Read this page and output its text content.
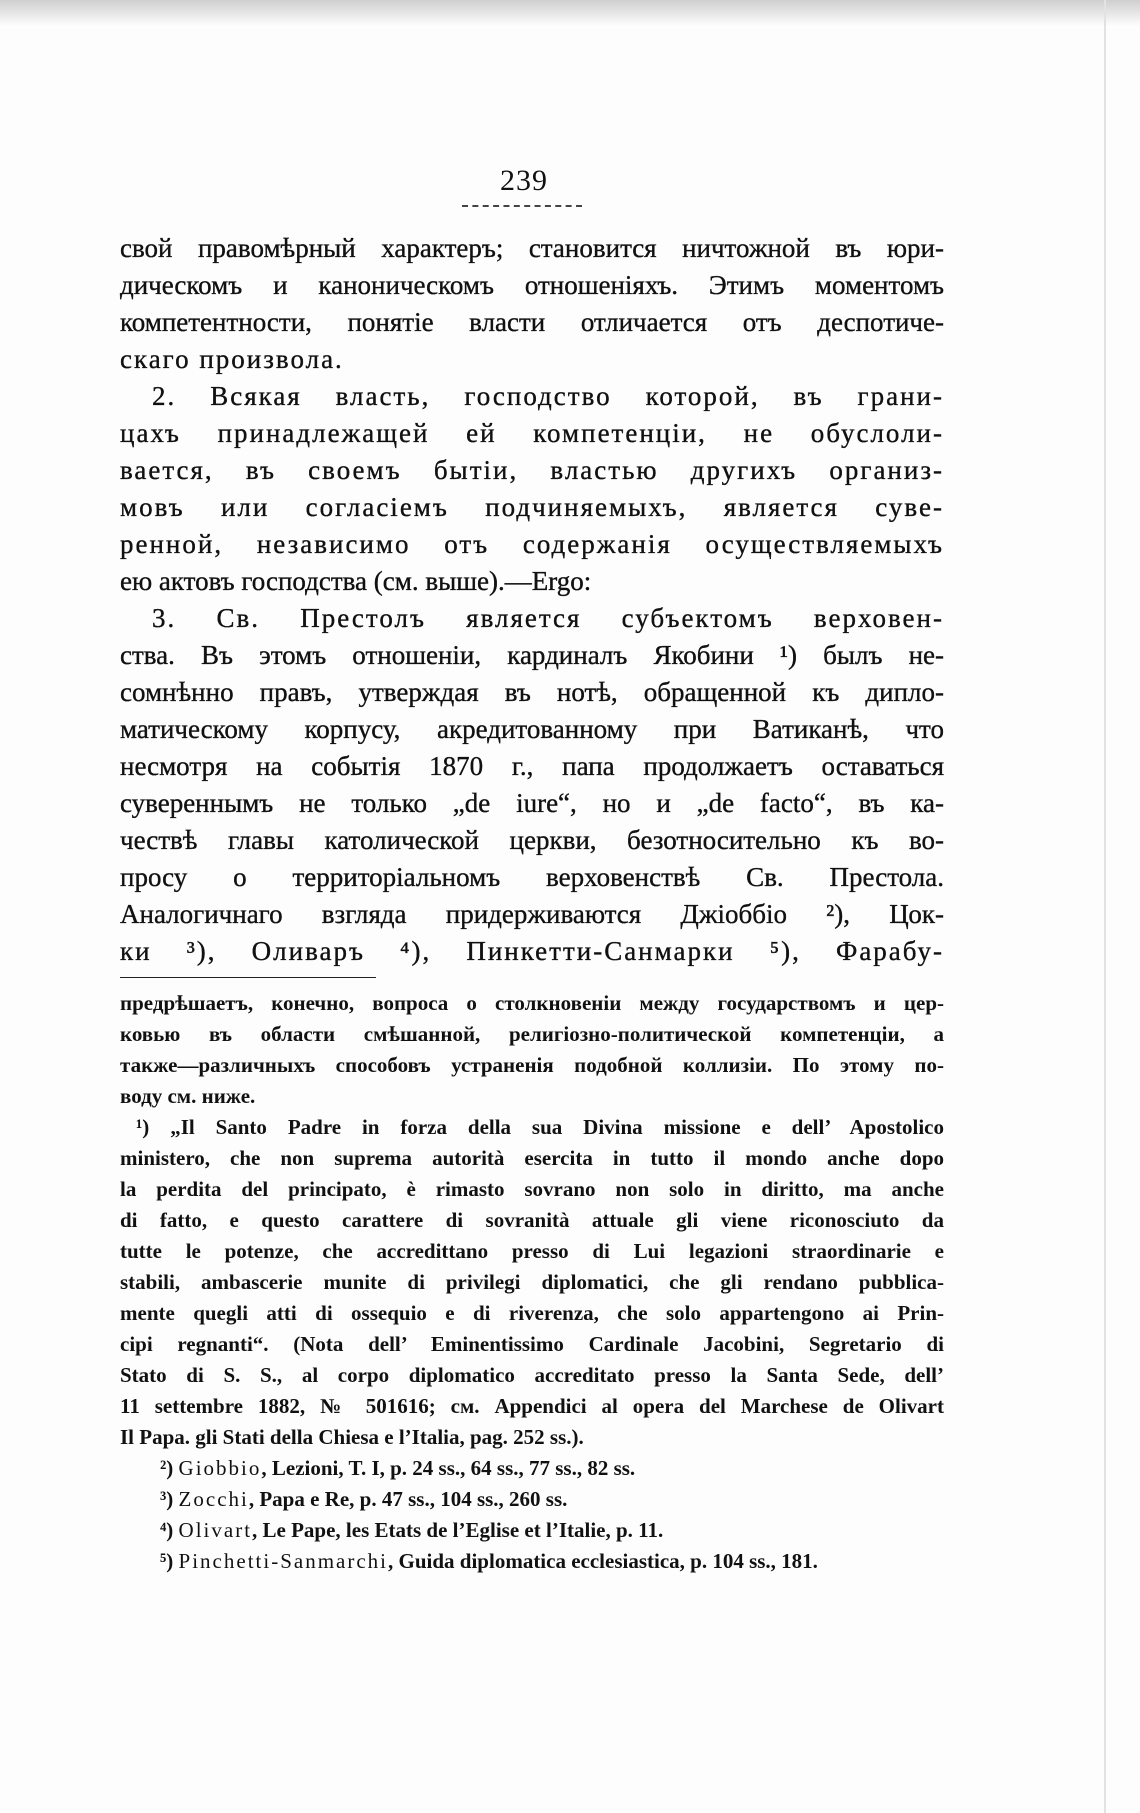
239
свой правомѣрный характеръ; становится ничтожной въ юри-
дическомъ и каноническомъ отношеніяхъ. Этимъ моментомъ
компетентности, понятіе власти отличается отъ деспотиче-
скаго произвола.
2. Всякая власть, господство которой, въ грани-
цахъ принадлежащей ей компетенціи, не обуслоли-
вается, въ своемъ бытіи, властью другихъ организ-
мовъ или согласіемъ подчиняемыхъ, является суве-
ренной, независимо отъ содержанія осуществляемыхъ
ею актовъ господства (см. выше).—Ergo:
3. Св. Престолъ является субъектомъ верховен-
ства. Въ этомъ отношеніи, кардиналъ Якобини ¹) былъ не-
сомнѣнно правъ, утверждая въ нотѣ, обращенной къ дипло-
матическому корпусу, акредитованному при Ватиканѣ, что
несмотря на событія 1870 г., папа продолжаетъ оставаться
сувереннымъ не только „de iure“, но и „de facto“, въ ка-
чествѣ главы католической церкви, безотносительно къ во-
просу о территоріальномъ верховенствѣ Св. Престола.
Аналогичнаго взгляда придерживаются Джіоббіо ²), Цок-
ки ³), Оливаръ ⁴), Пинкетти-Санмарки ⁵), Фарабу-
предрѣшаетъ, конечно, вопроса о столкновеніи между государствомъ и цер-
ковью въ области смѣшанной, религіозно-политической компетенціи, а
также—различныхъ способовъ устраненія подобной коллизіи. По этому по-
воду см. ниже.
¹) „Il Santo Padre in forza della sua Divina missione e dell’ Apostolico
ministero, che non suprema autorità esercita in tutto il mondo anche dopo
la perdita del principato, è rimasto sovrano non solo in diritto, ma anche
di fatto, e questo carattere di sovranità attuale gli viene riconosciuto da
tutte le potenze, che accredittano presso di Lui legazioni straordinarie e
stabili, ambascerie munite di privilegi diplomatici, che gli rendano pubblica-
mente quegli atti di ossequio e di riverenza, che solo appartengono ai Prin-
cipi regnanti“. (Nota dell’ Eminentissimo Cardinale Jacobini, Segretario di
Stato di S. S., al corpo diplomatico accreditato presso la Santa Sede, dell’
11 settembre 1882, № 501616; см. Appendici al opera del Marchese de Olivart
Il Papa. gli Stati della Chiesa e l’Italia, pag. 252 ss.).
²) Giobbio, Lezioni, T. I, p. 24 ss., 64 ss., 77 ss., 82 ss.
³) Zocchi, Papa e Re, p. 47 ss., 104 ss., 260 ss.
⁴) Olivart, Le Pape, les Etats de l’Eglise et l’Italie, p. 11.
⁵) Pinchetti-Sanmarchi, Guida diplomatica ecclesiastica, p. 104 ss., 181.
